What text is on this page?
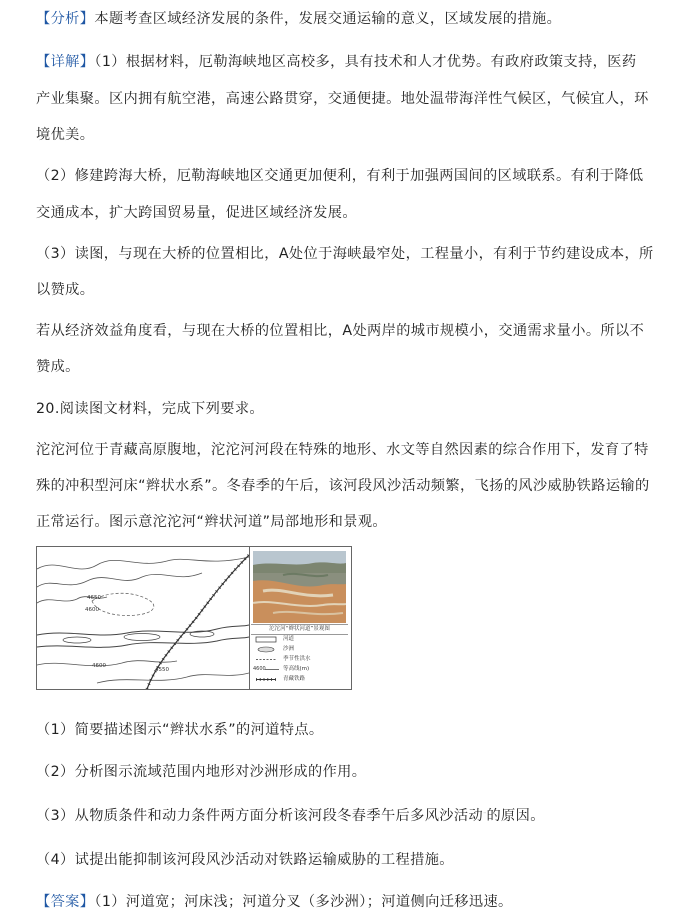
【分析】本题考查区域经济发展的条件，发展交通运输的意义，区域发展的措施。
【详解】（1）根据材料，厄勒海峡地区高校多，具有技术和人才优势。有政府政策支持，医药
产业集聚。区内拥有航空港，高速公路贯穿，交通便捷。地处温带海洋性气候区，气候宜人，环
境优美。
（2）修建跨海大桥，厄勒海峡地区交通更加便利，有利于加强两国间的区域联系。有利于降低
交通成本，扩大跨国贸易量，促进区域经济发展。
（3）读图，与现在大桥的位置相比，A处位于海峡最窄处，工程量小，有利于节约建设成本，所
以赞成。
若从经济效益角度看，与现在大桥的位置相比，A处两岸的城市规模小，交通需求量小。所以不
赞成。
20.阅读图文材料，完成下列要求。
沱沱河位于青藏高原腹地，沱沱河河段在特殊的地形、水文等自然因素的综合作用下，发育了特
殊的冲积型河床“辫状水系”。冬春季的午后，该河段风沙活动频繁，飞扬的风沙威胁铁路运输的
正常运行。图示意沱沱河“辫状河道”局部地形和景观。
4650
4600
4600
4550
沱沱河“辫状河道”景观图
河道
沙洲
季节性洪水
4600	等高线(m)
青藏铁路
（1）简要描述图示“辫状水系”的河道特点。
（2）分析图示流域范围内地形对沙洲形成的作用。
（3）从物质条件和动力条件两方面分析该河段冬春季午后多风沙活动¨的原因。
（4）试提出能抑制该河段风沙活动对铁路运输威胁的工程措施。
【答案】（1）河道宽；河床浅；河道分叉（多沙洲）；河道侧向迁移迅速。
